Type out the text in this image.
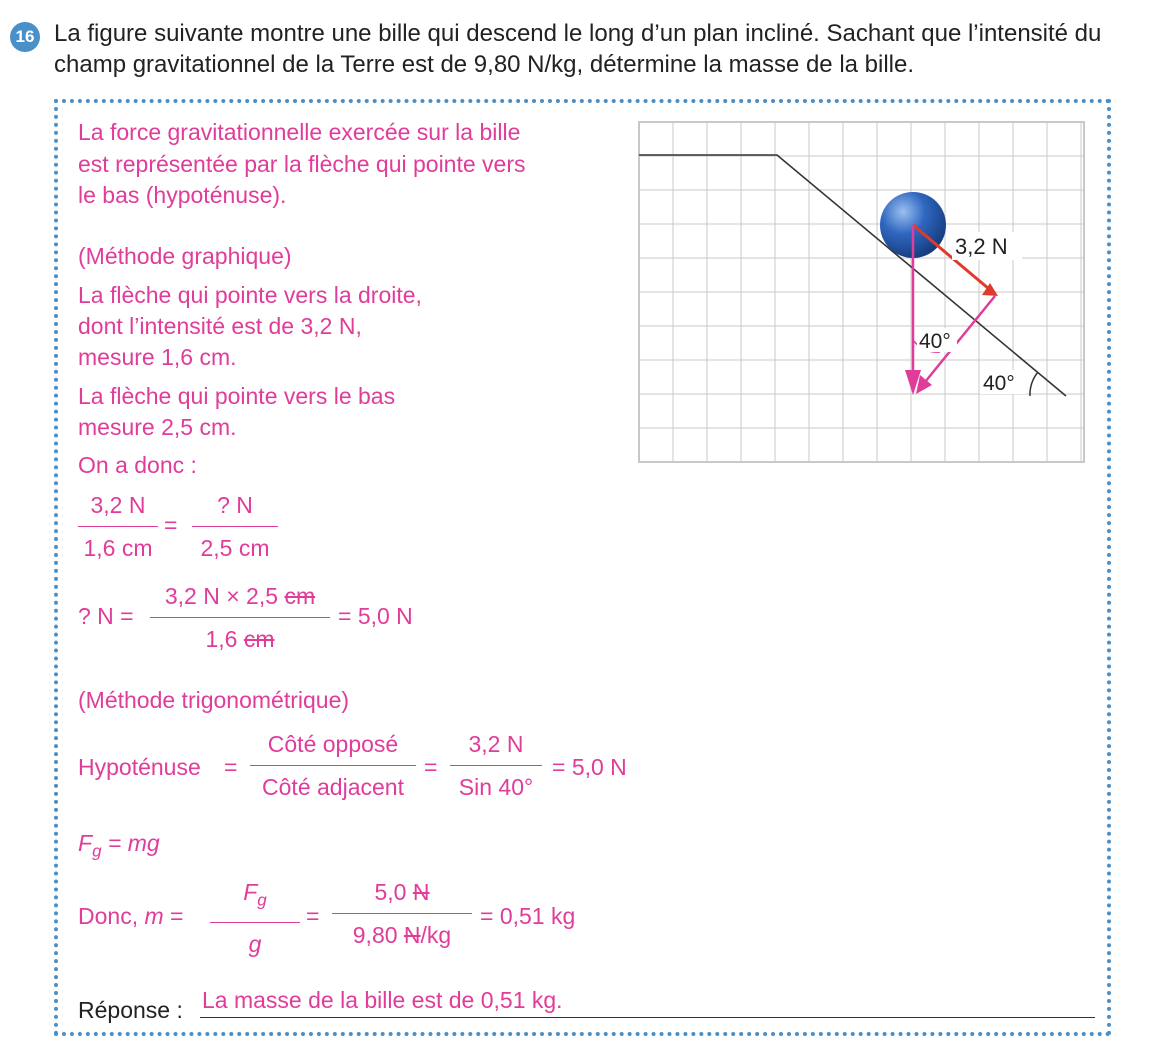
16 La figure suivante montre une bille qui descend le long d’un plan incliné. Sachant que l’intensité du champ gravitationnel de la Terre est de 9,80 N/kg, détermine la masse de la bille.
La force gravitationnelle exercée sur la bille
est représentée par la flèche qui pointe vers
le bas (hypoténuse).
(Méthode graphique)
La flèche qui pointe vers la droite,
dont l’intensité est de 3,2 N,
mesure 1,6 cm.
La flèche qui pointe vers le bas
mesure 2,5 cm.
On a donc :
3,2 N
1,6 cm
=
? N
2,5 cm
? N =
3,2 N × 2,5 cm
1,6 cm
= 5,0 N
(Méthode trigonométrique)
Hypoténuse =
Côté opposé
Côté adjacent
=
3,2 N
Sin 40°
= 5,0 N
$F_g$ = mg
Donc, m =
$F_g$
g
=
5,0 N
9,80 N/kg
= 0,51 kg
Réponse : La masse de la bille est de 0,51 kg.
3,2 N
40°
40°
